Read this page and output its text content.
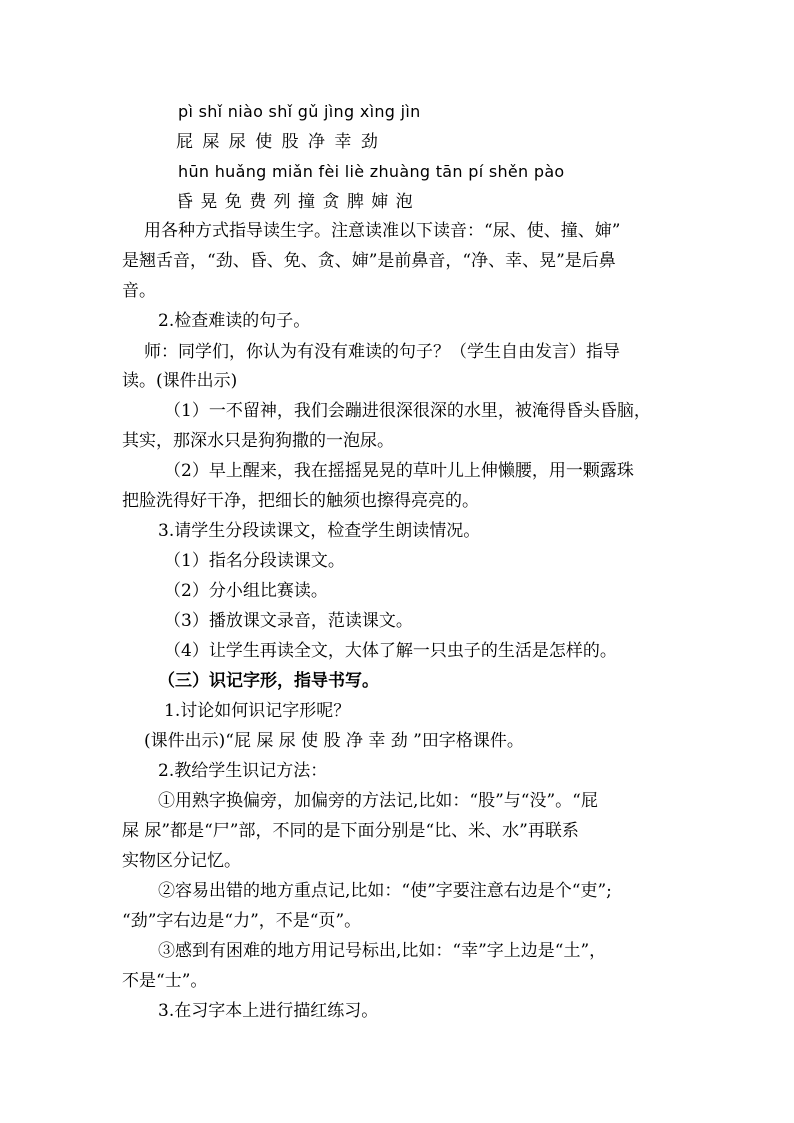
pì shǐ niào shǐ gǔ jìng xìng jìn
屁 屎 尿 使 股 净 幸 劲
hūn huǎng miǎn fèi liè zhuàng tān pí shěn pào
昏 晃 免 费 列 撞 贪 脾 婶 泡
用各种方式指导读生字。注意读准以下读音：“尿、使、撞、婶”
是翘舌音，“劲、昏、免、贪、婶”是前鼻音，“净、幸、晃”是后鼻
音。
2.检查难读的句子。
师：同学们，你认为有没有难读的句子？（学生自由发言）指导
读。(课件出示)
（1）一不留神，我们会蹦进很深很深的水里，被淹得昏头昏脑，
其实，那深水只是狗狗撒的一泡尿。
（2）早上醒来，我在摇摇晃晃的草叶儿上伸懒腰，用一颗露珠
把脸洗得好干净，把细长的触须也擦得亮亮的。
3.请学生分段读课文，检查学生朗读情况。
（1）指名分段读课文。
（2）分小组比赛读。
（3）播放课文录音，范读课文。
（4）让学生再读全文，大体了解一只虫子的生活是怎样的。
（三）识记字形，指导书写。
1.讨论如何识记字形呢？
(课件出示)“屁 屎 尿 使 股 净 幸 劲 ”田字格课件。
2.教给学生识记方法：
①用熟字换偏旁，加偏旁的方法记,比如：“股”与“没”。“屁
屎 尿”都是“尸”部，不同的是下面分别是“比、米、水”再联系
实物区分记忆。
②容易出错的地方重点记,比如：“使”字要注意右边是个“吏”;
“劲”字右边是“力”，不是“页”。
③感到有困难的地方用记号标出,比如：“幸”字上边是“土”，
不是“士”。
3.在习字本上进行描红练习。
